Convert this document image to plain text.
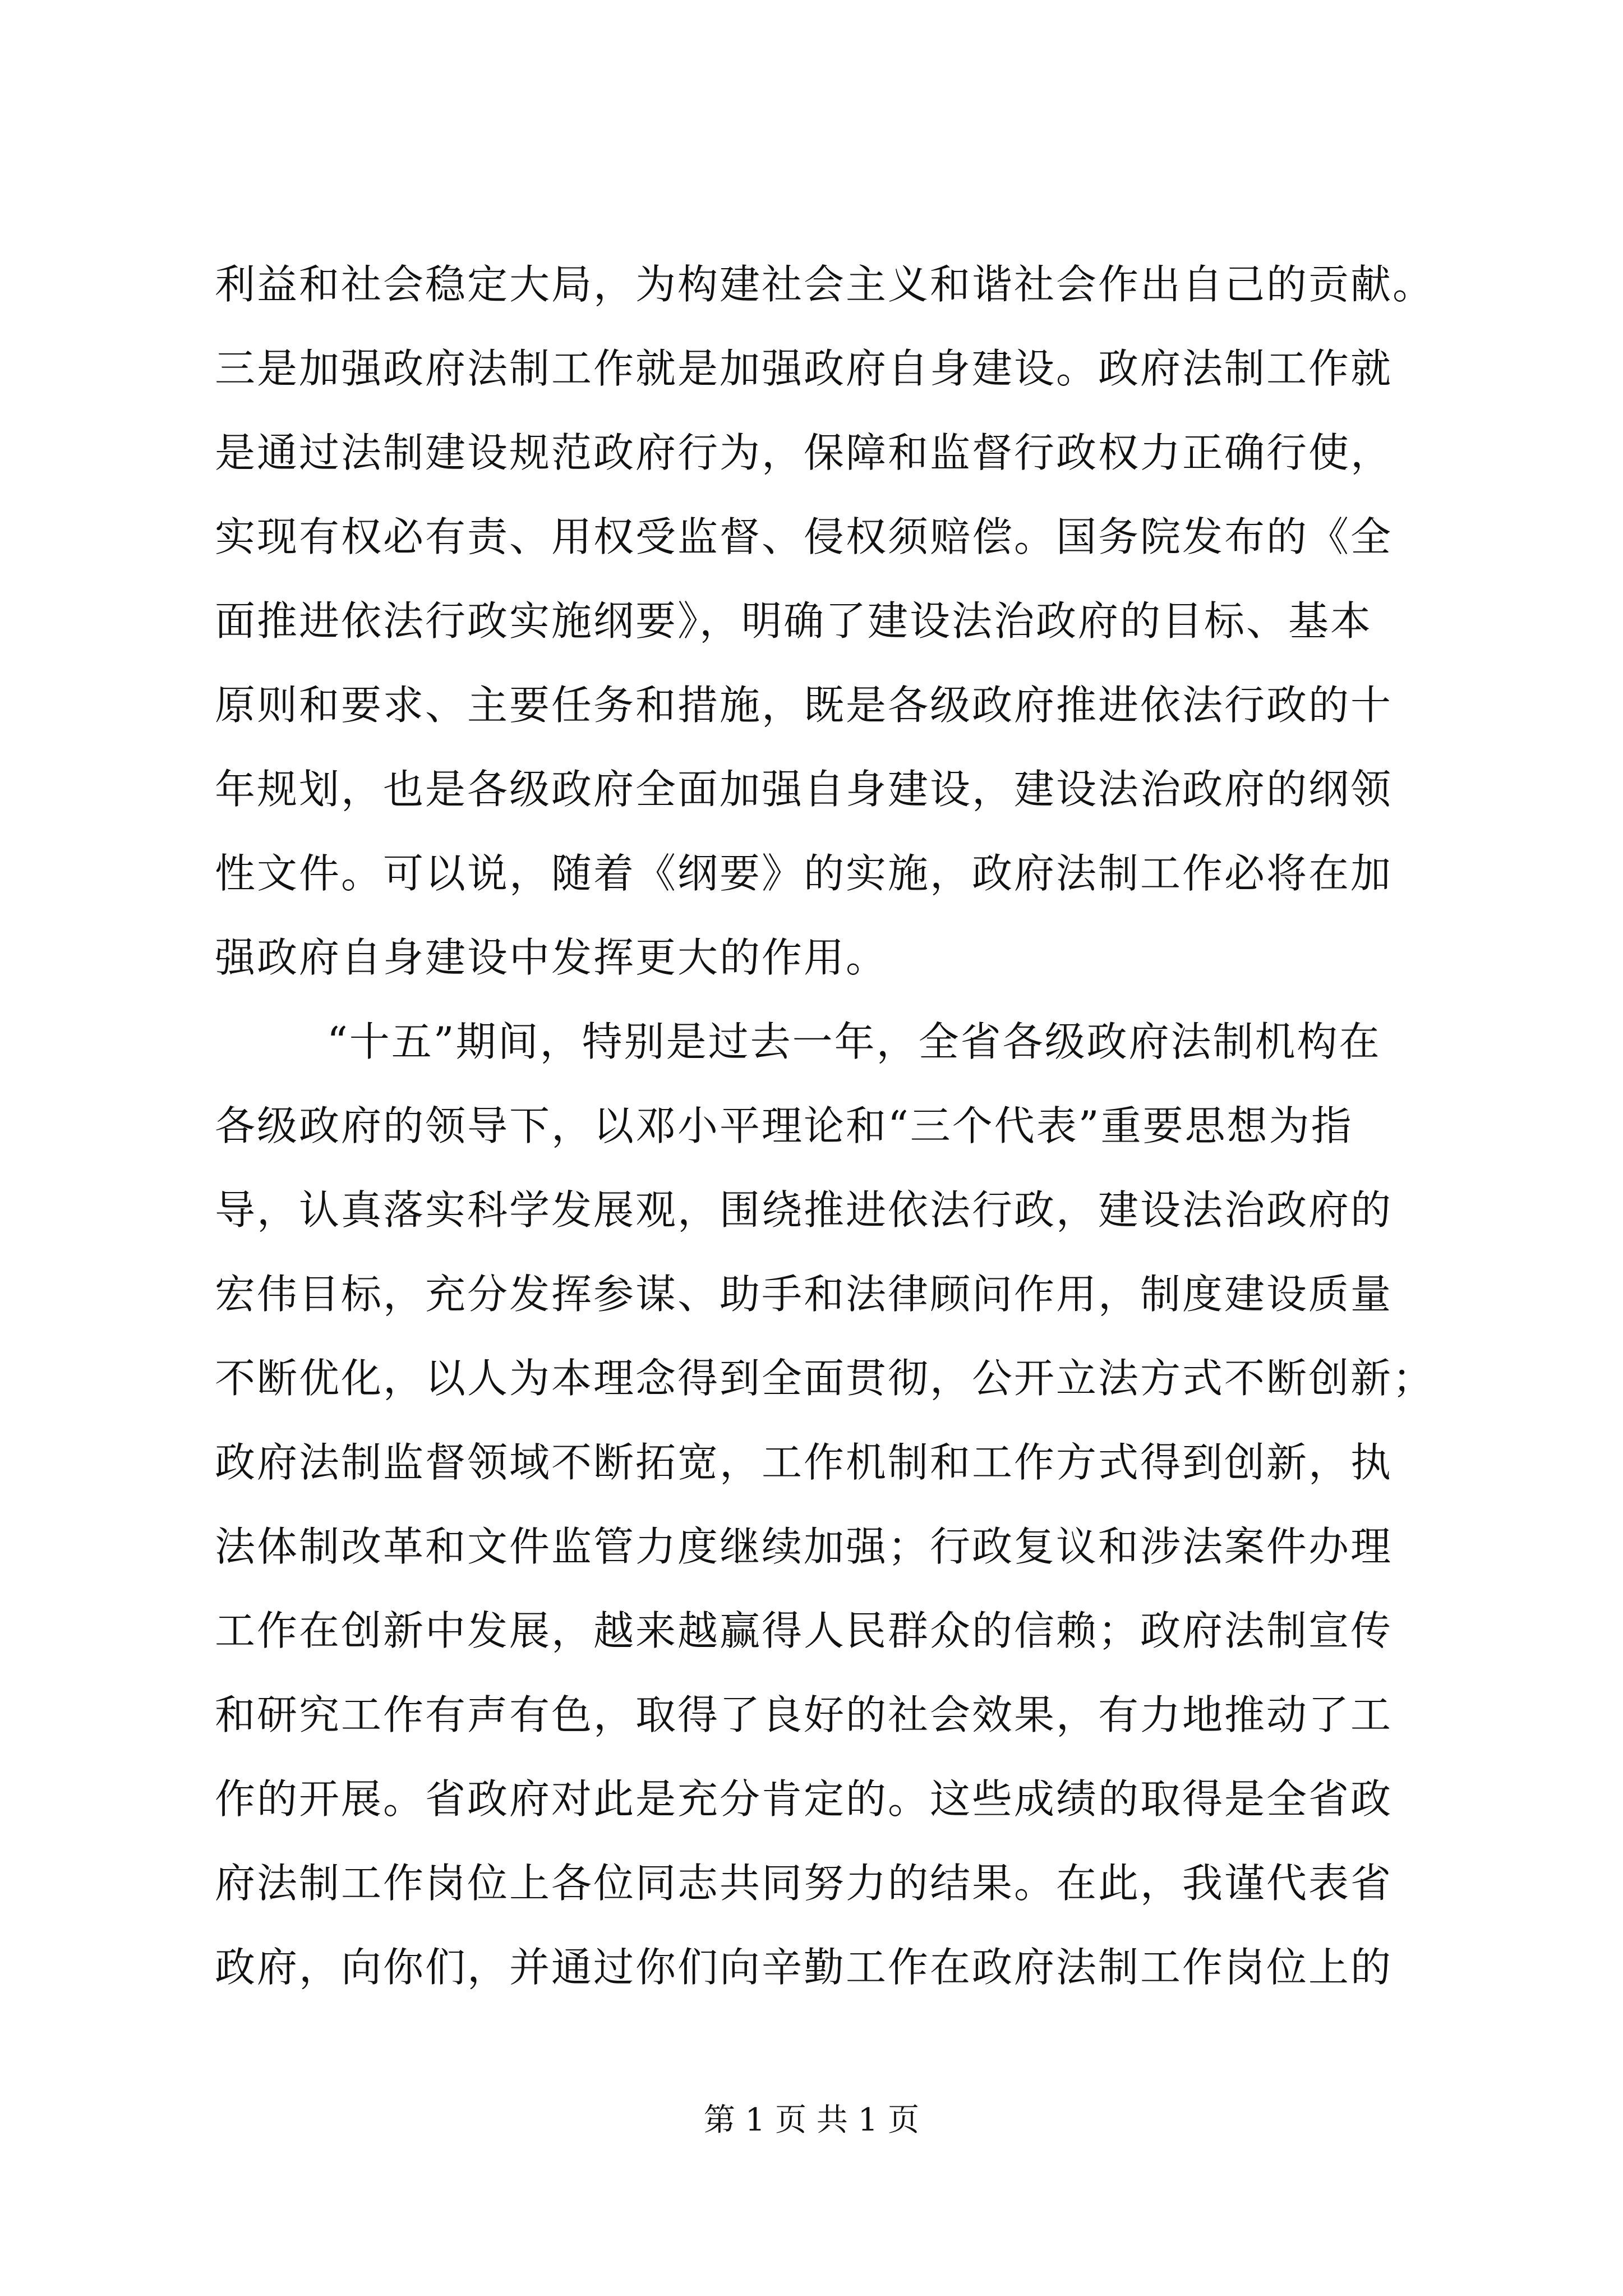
利益和社会稳定大局，为构建社会主义和谐社会作出自己的贡献。
三是加强政府法制工作就是加强政府自身建设。政府法制工作就
是通过法制建设规范政府行为，保障和监督行政权力正确行使，
实现有权必有责、用权受监督、侵权须赔偿。国务院发布的《全
面推进依法行政实施纲要》，明确了建设法治政府的目标、基本
原则和要求、主要任务和措施，既是各级政府推进依法行政的十
年规划，也是各级政府全面加强自身建设，建设法治政府的纲领
性文件。可以说，随着《纲要》的实施，政府法制工作必将在加
强政府自身建设中发挥更大的作用。
“十五”期间，特别是过去一年，全省各级政府法制机构在
各级政府的领导下，以邓小平理论和“三个代表”重要思想为指
导，认真落实科学发展观，围绕推进依法行政，建设法治政府的
宏伟目标，充分发挥参谋、助手和法律顾问作用，制度建设质量
不断优化，以人为本理念得到全面贯彻，公开立法方式不断创新；
政府法制监督领域不断拓宽，工作机制和工作方式得到创新，执
法体制改革和文件监管力度继续加强；行政复议和涉法案件办理
工作在创新中发展，越来越赢得人民群众的信赖；政府法制宣传
和研究工作有声有色，取得了良好的社会效果，有力地推动了工
作的开展。省政府对此是充分肯定的。这些成绩的取得是全省政
府法制工作岗位上各位同志共同努力的结果。在此，我谨代表省
政府，向你们，并通过你们向辛勤工作在政府法制工作岗位上的
第 1 页 共 1 页
